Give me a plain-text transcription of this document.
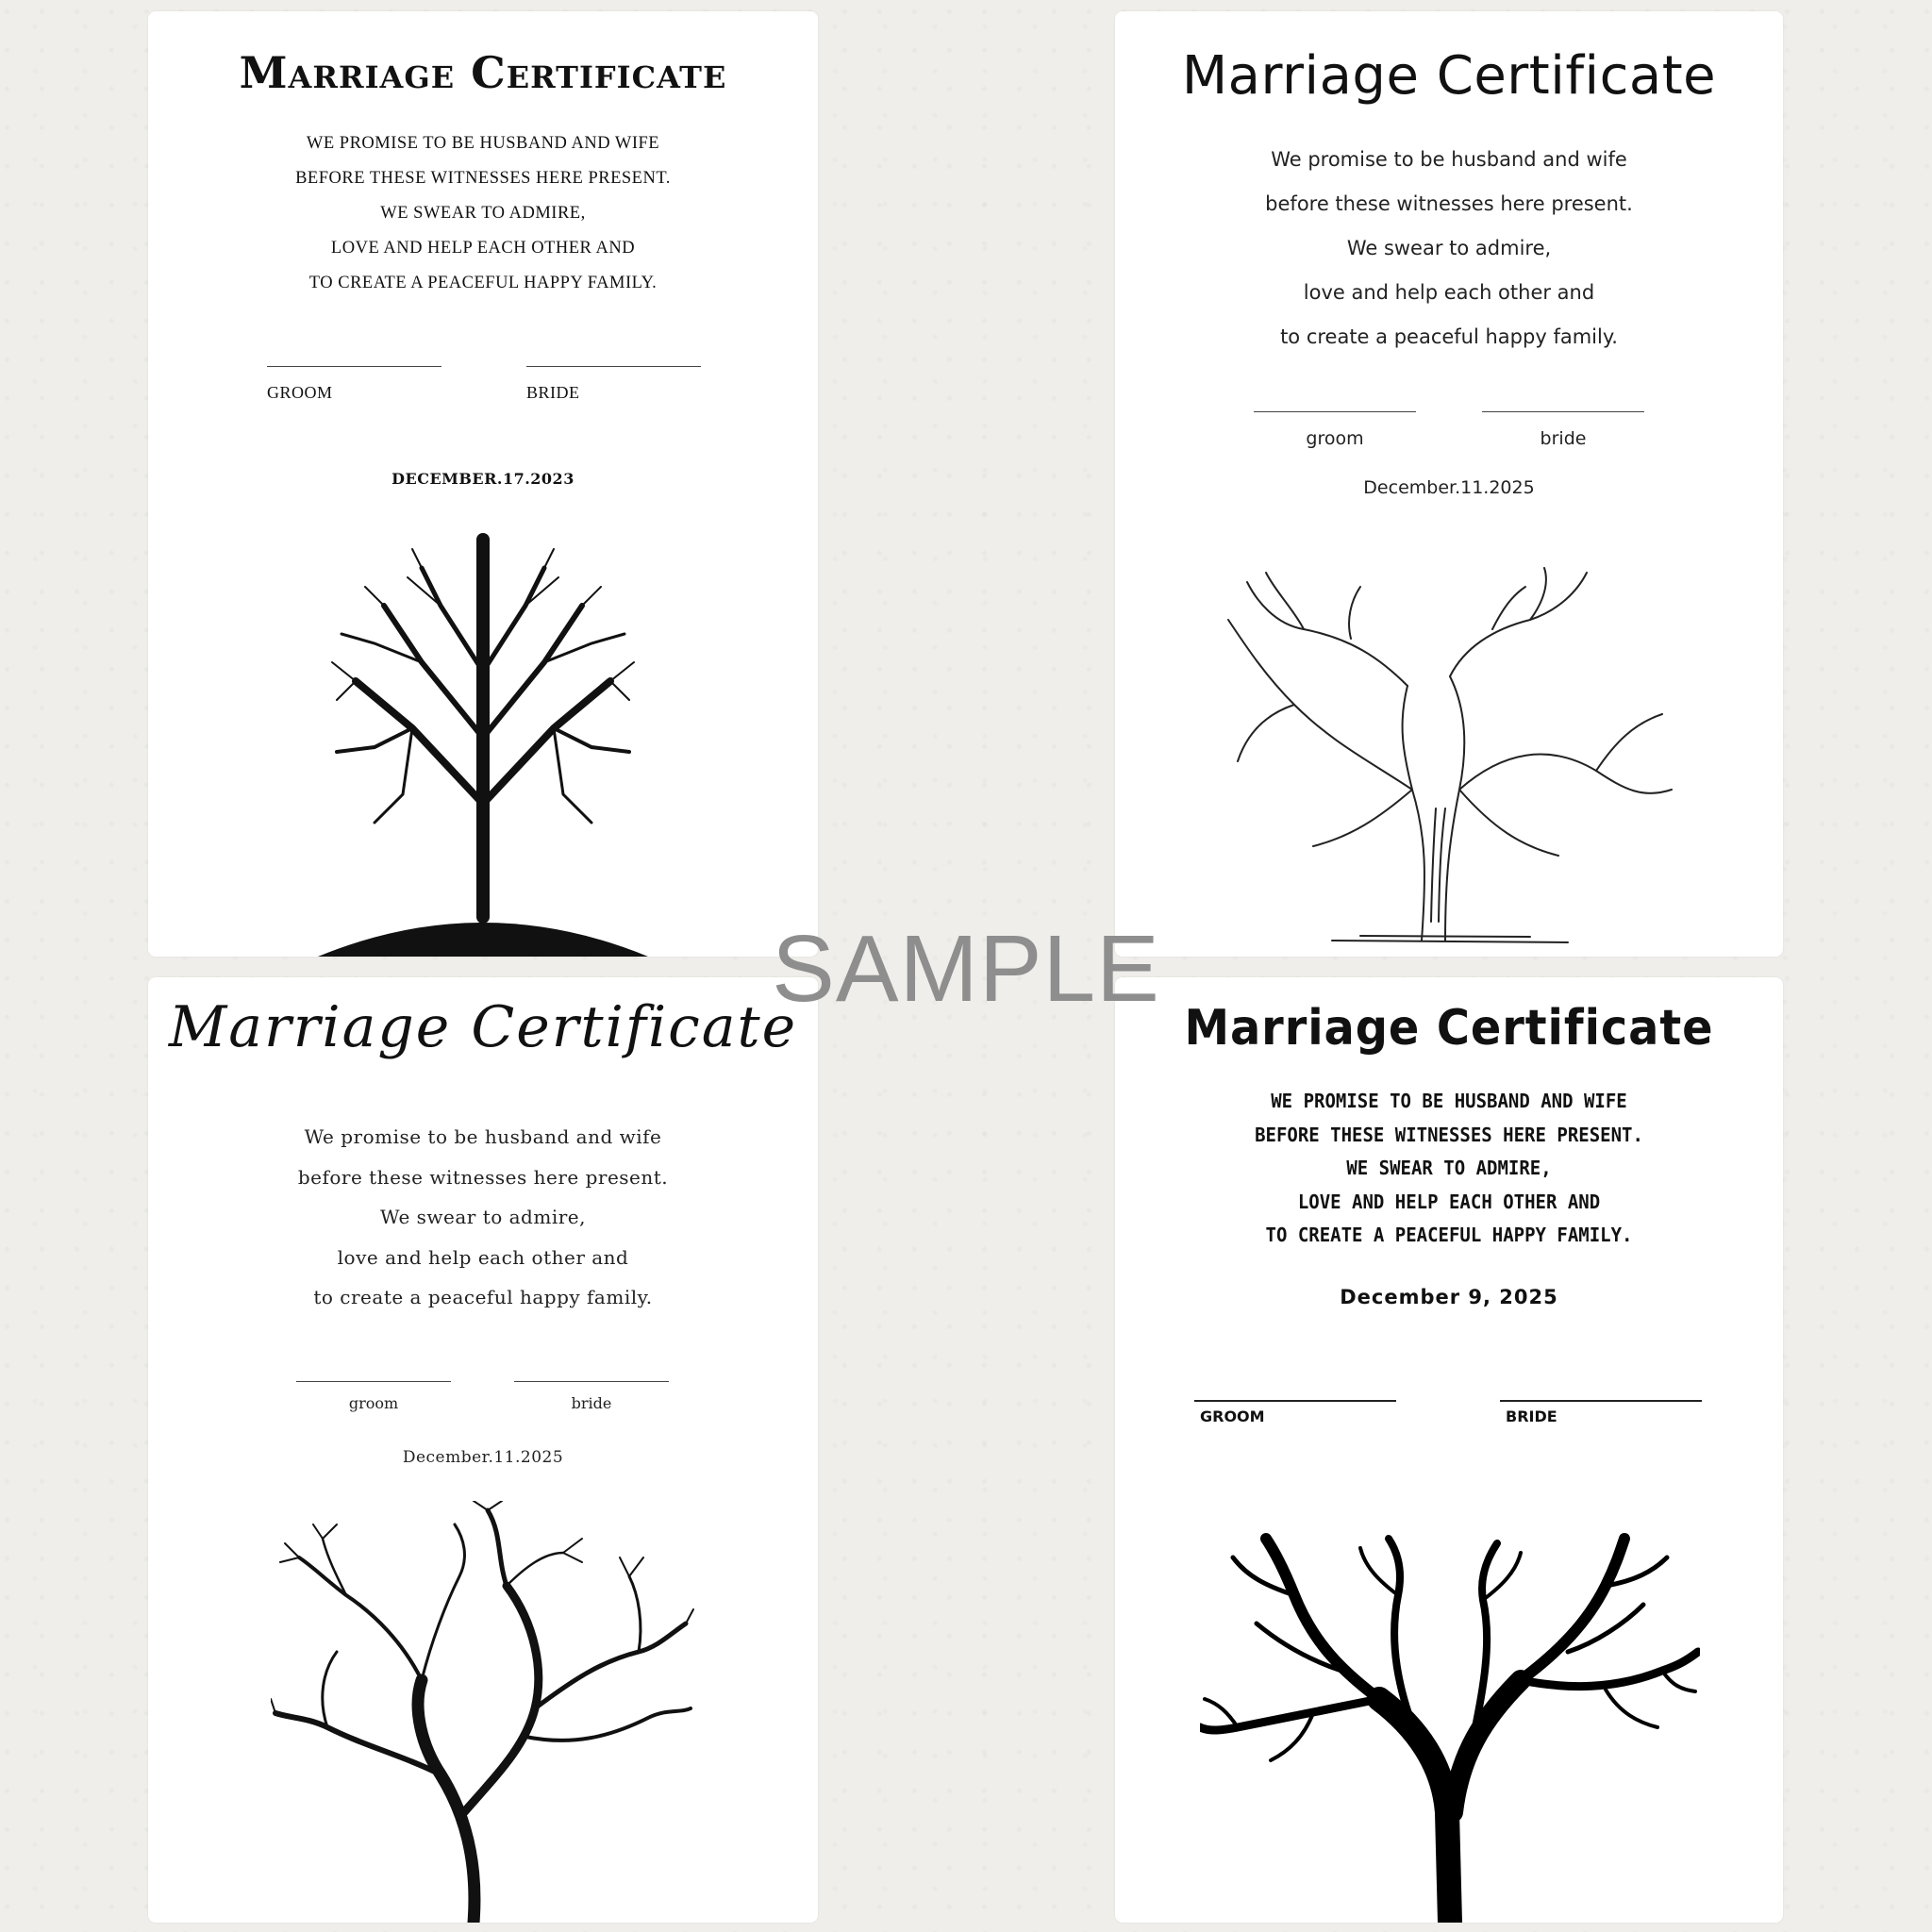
Marriage Certificate
WE PROMISE TO BE HUSBAND AND WIFE
BEFORE THESE WITNESSES HERE PRESENT.
WE SWEAR TO ADMIRE,
LOVE AND HELP EACH OTHER AND
TO CREATE A PEACEFUL HAPPY FAMILY.
GROOM	BRIDE
DECEMBER.17.2023
Marriage Certificate
We promise to be husband and wife
before these witnesses here present.
We swear to admire,
love and help each other and
to create a peaceful happy family.
groom	bride
December.11.2025
Marriage Certificate
We promise to be husband and wife
before these witnesses here present.
We swear to admire,
love and help each other and
to create a peaceful happy family.
groom	bride
December.11.2025
Marriage Certificate
WE PROMISE TO BE HUSBAND AND WIFE
BEFORE THESE WITNESSES HERE PRESENT.
WE SWEAR TO ADMIRE,
LOVE AND HELP EACH OTHER AND
TO CREATE A PEACEFUL HAPPY FAMILY.
December 9, 2025
GROOM	BRIDE
SAMPLE
